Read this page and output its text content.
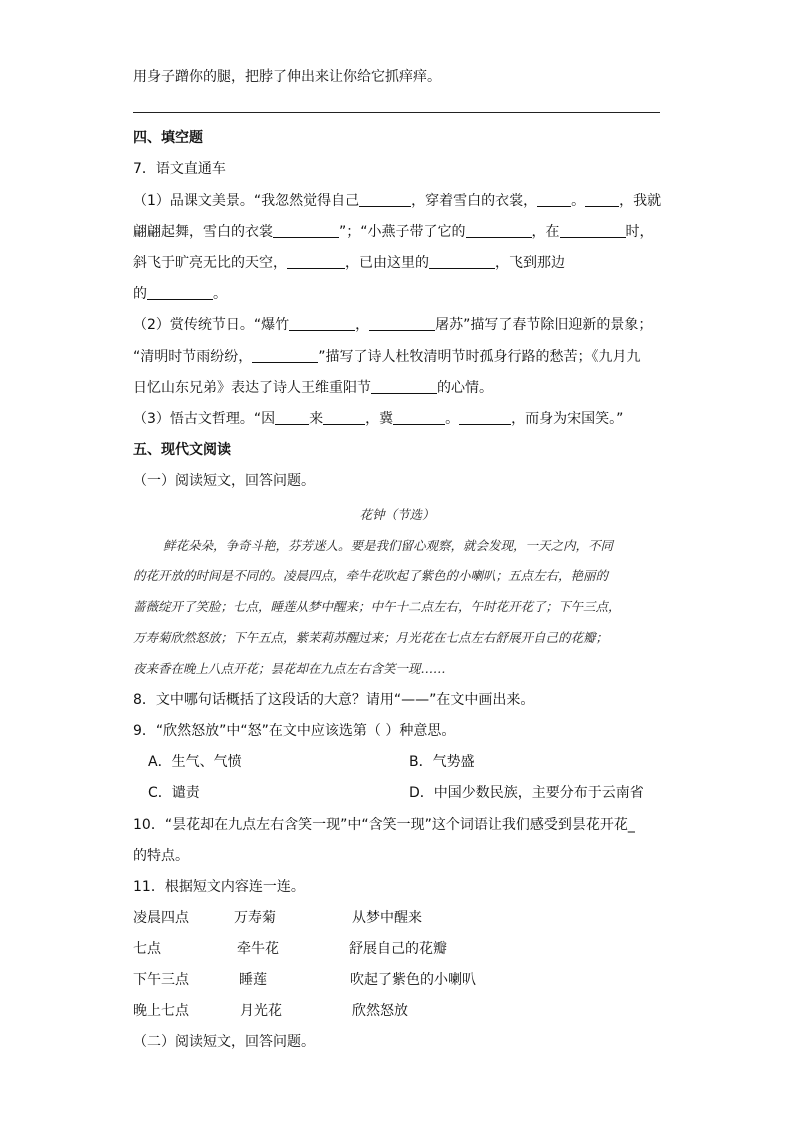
用身子蹭你的腿，把脖了伸出来让你给它抓痒痒。
四、填空题
7．语文直通车
（1）品课文美景。“我忽然觉得自己	，穿着雪白的衣裳， 。 ，我就
翩翩起舞，雪白的衣裳	”；“小燕子带了它的	，在	时，
斜飞于旷亮无比的天空，	，已由这里的	，飞到那边
的	。
（2）赏传统节日。“爆竹	，	屠苏”描写了春节除旧迎新的景象；
“清明时节雨纷纷，	”描写了诗人杜牧清明节时孤身行路的愁苦；《九月九
日忆山东兄弟》表达了诗人王维重阳节	的心情。
（3）悟古文哲理。“因 来	，冀	。	，而身为宋国笑。”
五、现代文阅读
（一）阅读短文，回答问题。
花钟（节选）
鲜花朵朵，争奇斗艳，芬芳迷人。要是我们留心观察，就会发现，一天之内，不同
的花开放的时间是不同的。凌晨四点，牵牛花吹起了紫色的小喇叭；五点左右，艳丽的
蔷薇绽开了笑脸；七点，睡莲从梦中醒来；中午十二点左右，午时花开花了；下午三点，
万寿菊欣然怒放；下午五点，紫茉莉苏醒过来；月光花在七点左右舒展开自己的花瓣；
夜来香在晚上八点开花；昙花却在九点左右含笑一现……
8．文中哪句话概括了这段话的大意？请用“——”在文中画出来。
9．“欣然怒放”中“怒”在文中应该选第（ ）种意思。
A．生气、气愤	B．气势盛
C．谴责	D．中国少数民族，主要分布于云南省
10．“昙花却在九点左右含笑一现”中“含笑一现”这个词语让我们感受到昙花开花_
的特点。
11．根据短文内容连一连。
凌晨四点	万寿菊	从梦中醒来
七点	牵牛花	舒展自己的花瓣
下午三点	睡莲	吹起了紫色的小喇叭
晚上七点	月光花	欣然怒放
（二）阅读短文，回答问题。
